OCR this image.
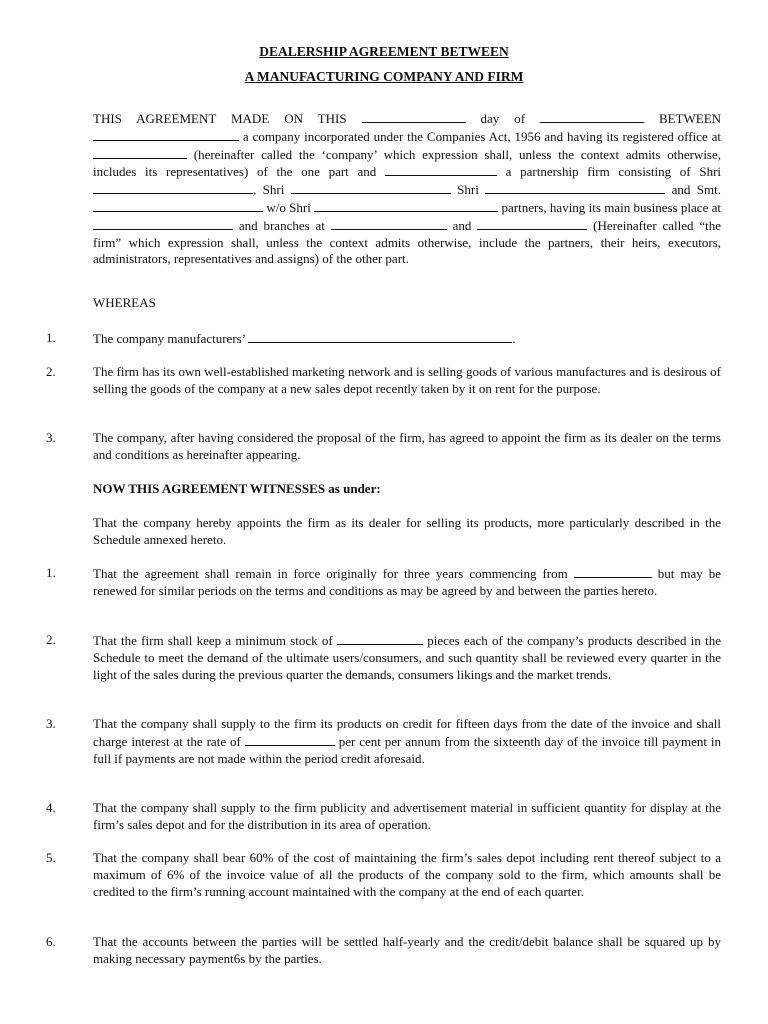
DEALERSHIP AGREEMENT BETWEEN
A MANUFACTURING COMPANY AND FIRM
THIS AGREEMENT MADE ON THIS	day of	BETWEEN  a company incorporated under the Companies Act, 1956 and having its registered office at  (hereinafter called the ‘company’ which expression shall, unless the context admits otherwise, includes its representatives) of the one part and	a partnership firm consisting of Shri , Shri	Shri	and Smt.  w/o Shri	partners, having its main business place at  and branches at	and	(Hereinafter called “the firm” which expression shall, unless the context admits otherwise, include the partners, their heirs, executors, administrators, representatives and assigns) of the other part.
WHEREAS
1.	The company manufacturers’	.
2.	The firm has its own well-established marketing network and is selling goods of various manufactures and is desirous of selling the goods of the company at a new sales depot recently taken by it on rent for the purpose.
3.	The company, after having considered the proposal of the firm, has agreed to appoint the firm as its dealer on the terms and conditions as hereinafter appearing.
NOW THIS AGREEMENT WITNESSES as under:
That the company hereby appoints the firm as its dealer for selling its products, more particularly described in the Schedule annexed hereto.
1.	That the agreement shall remain in force originally for three years commencing from	but may be renewed for similar periods on the terms and conditions as may be agreed by and between the parties hereto.
2.	That the firm shall keep a minimum stock of	pieces each of the company’s products described in the Schedule to meet the demand of the ultimate users/consumers, and such quantity shall be reviewed every quarter in the light of the sales during the previous quarter the demands, consumers likings and the market trends.
3.	That the company shall supply to the firm its products on credit for fifteen days from the date of the invoice and shall charge interest at the rate of	per cent per annum from the sixteenth day of the invoice till payment in full if payments are not made within the period credit aforesaid.
4.	That the company shall supply to the firm publicity and advertisement material in sufficient quantity for display at the firm’s sales depot and for the distribution in its area of operation.
5.	That the company shall bear 60% of the cost of maintaining the firm’s sales depot including rent thereof subject to a maximum of 6% of the invoice value of all the products of the company sold to the firm, which amounts shall be credited to the firm’s running account maintained with the company at the end of each quarter.
6.	That the accounts between the parties will be settled half-yearly and the credit/debit balance shall be squared up by making necessary payment6s by the parties.
